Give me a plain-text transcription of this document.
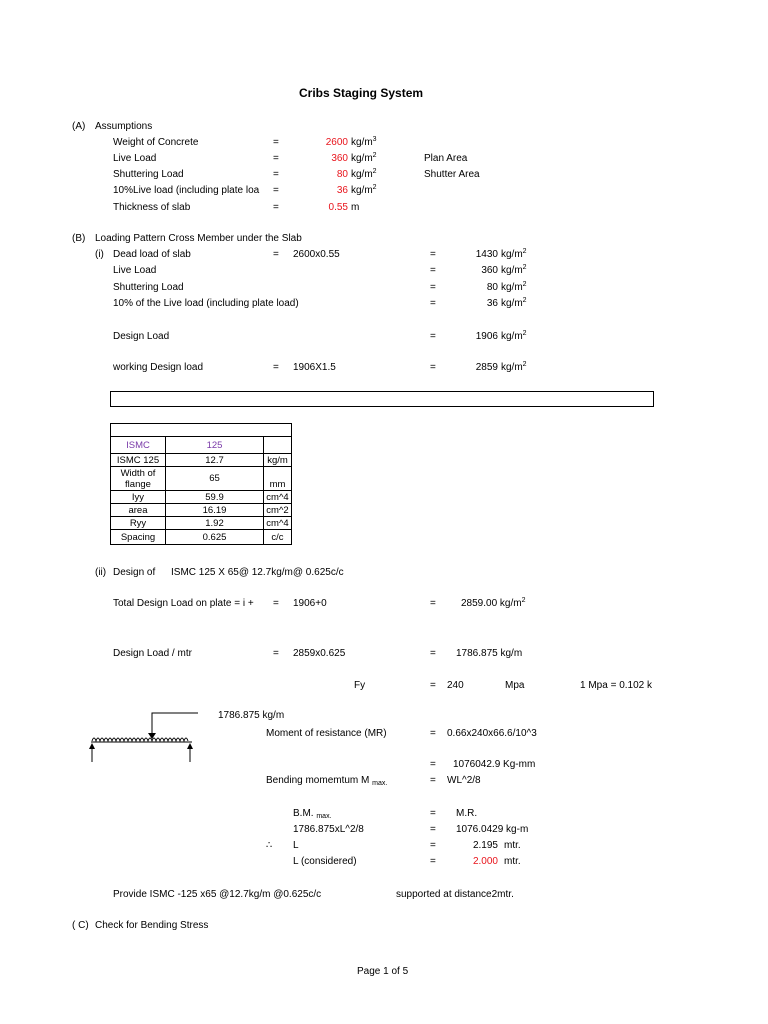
Cribs Staging System
(A) Assumptions
Weight of Concrete	=	2600 $kg/m^3$
Live Load	=	360 $kg/m^2$	Plan Area
Shuttering Load	=	80 $kg/m^2$	Shutter Area
10%Live load (including plate loa =	36 $kg/m^2$
Thickness of slab	=	0.55 m
(B) Loading Pattern Cross Member under the Slab
(i) Dead load of slab	= 2600x0.55	=	1430 $kg/m^2$
Live Load	=	360 $kg/m^2$
Shuttering Load	=	80 $kg/m^2$
10% of the Live load (including plate load)	=	36 $kg/m^2$
Design Load	=	1906 $kg/m^2$
working Design load	= 1906X1.5	=	2859 $kg/m^2$

ISMC	125	
ISMC 125	12.7	kg/m
Width of flange	65	mm
Iyy	59.9	cm^4
area	16.19	cm^2
Ryy	1.92	cm^4
Spacing	0.625	c/c
(ii) Design of ISMC 125 X 65@ 12.7kg/m@ 0.625c/c
Total Design Load on plate = i + = 1906+0	=	2859.00 $kg/m^2$
Design Load / mtr	= 2859x0.625	= 1786.875 kg/m
Fy	= 240	Mpa	1 Mpa = 0.102 k
1786.875 kg/m
Moment of resistance (MR)	= 0.66x240x66.6/10^3
= 1076042.9 Kg-mm
Bending momemtum M $_{max.}$	= WL^2/8
B.M. $_{max.}$	= M.R.
1786.875xL^2/8	= 1076.0429 kg-m
∴ L	=	2.195 mtr.
L (considered)	=	2.000 mtr.
Provide ISMC -125 x65 @12.7kg/m @0.625c/c	supported at distance2mtr.
( C) Check for Bending Stress
Page 1 of 5
